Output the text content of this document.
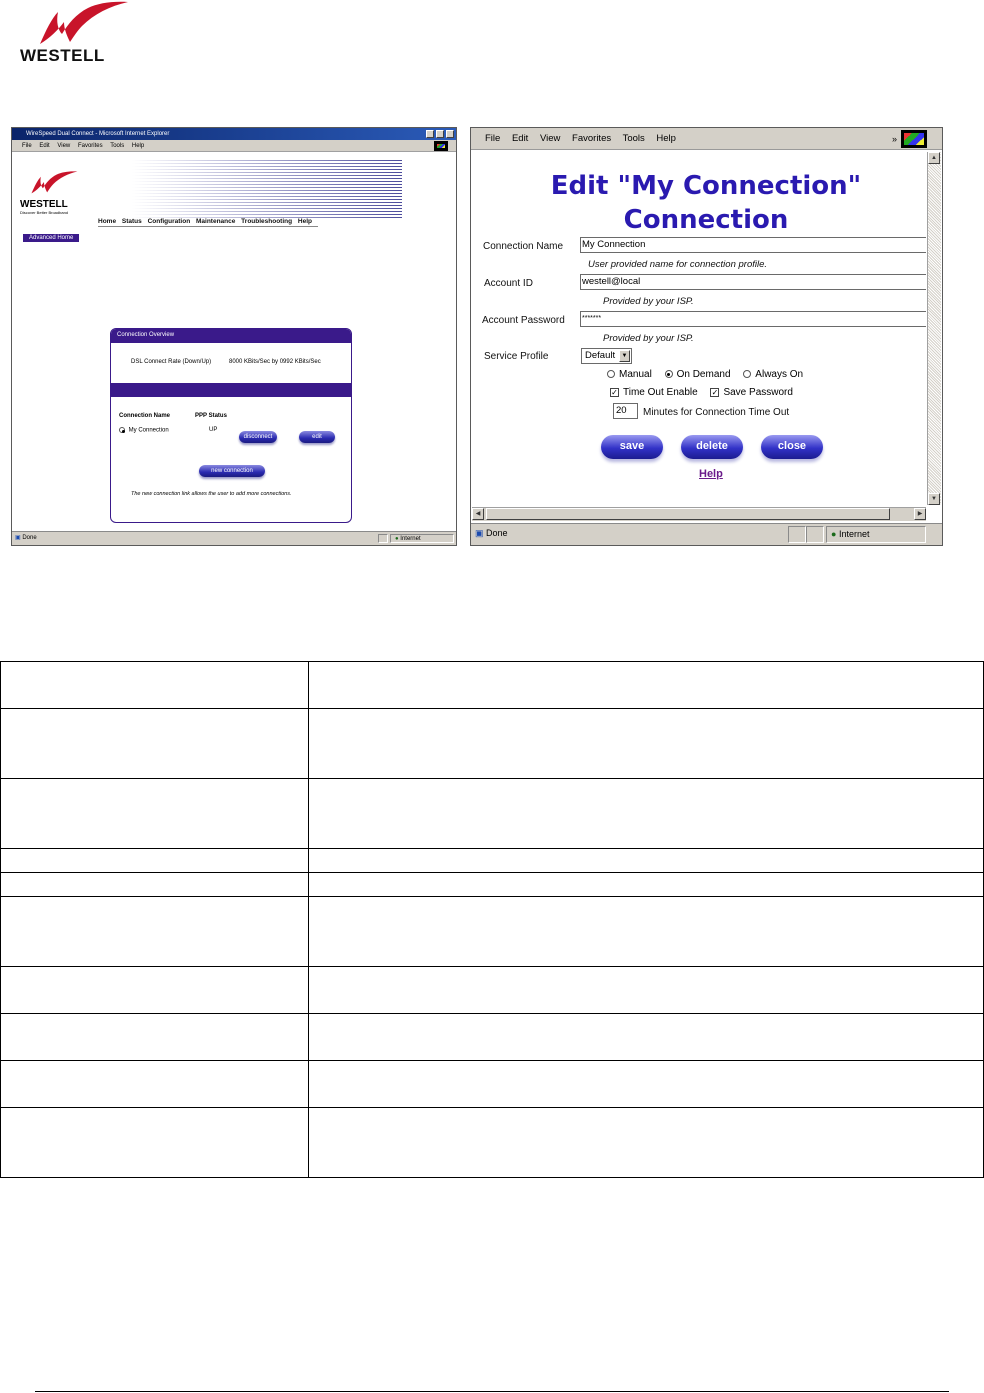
WESTELL
WireSpeed Dual Connect - Microsoft Internet Explorer
File Edit View Favorites Tools Help
WESTELL
Discover Better Broadband
Home Status Configuration Maintenance Troubleshooting Help
Advanced Home
Connection Overview
DSL Connect Rate (Down/Up)	8000 KBits/Sec by 0992 KBits/Sec
Connection Name	PPP Status
My Connection	UP
disconnect	edit
new connection
The new connection link allows the user to add more connections.
▣ Done	● Internet
File Edit View Favorites Tools Help	»
Edit "My Connection"
Connection
Connection Name My Connection
User provided name for connection profile.
Account ID	westell@local
Provided by your ISP.
Account Password *******
Provided by your ISP.
Service Profile	Default	▼
Manual On Demand Always On
✓ Time Out Enable ✓ Save Password
20	Minutes for Connection Time Out
save	delete	close
Help
▲
▼
◀	▶
▣ Done	● Internet
